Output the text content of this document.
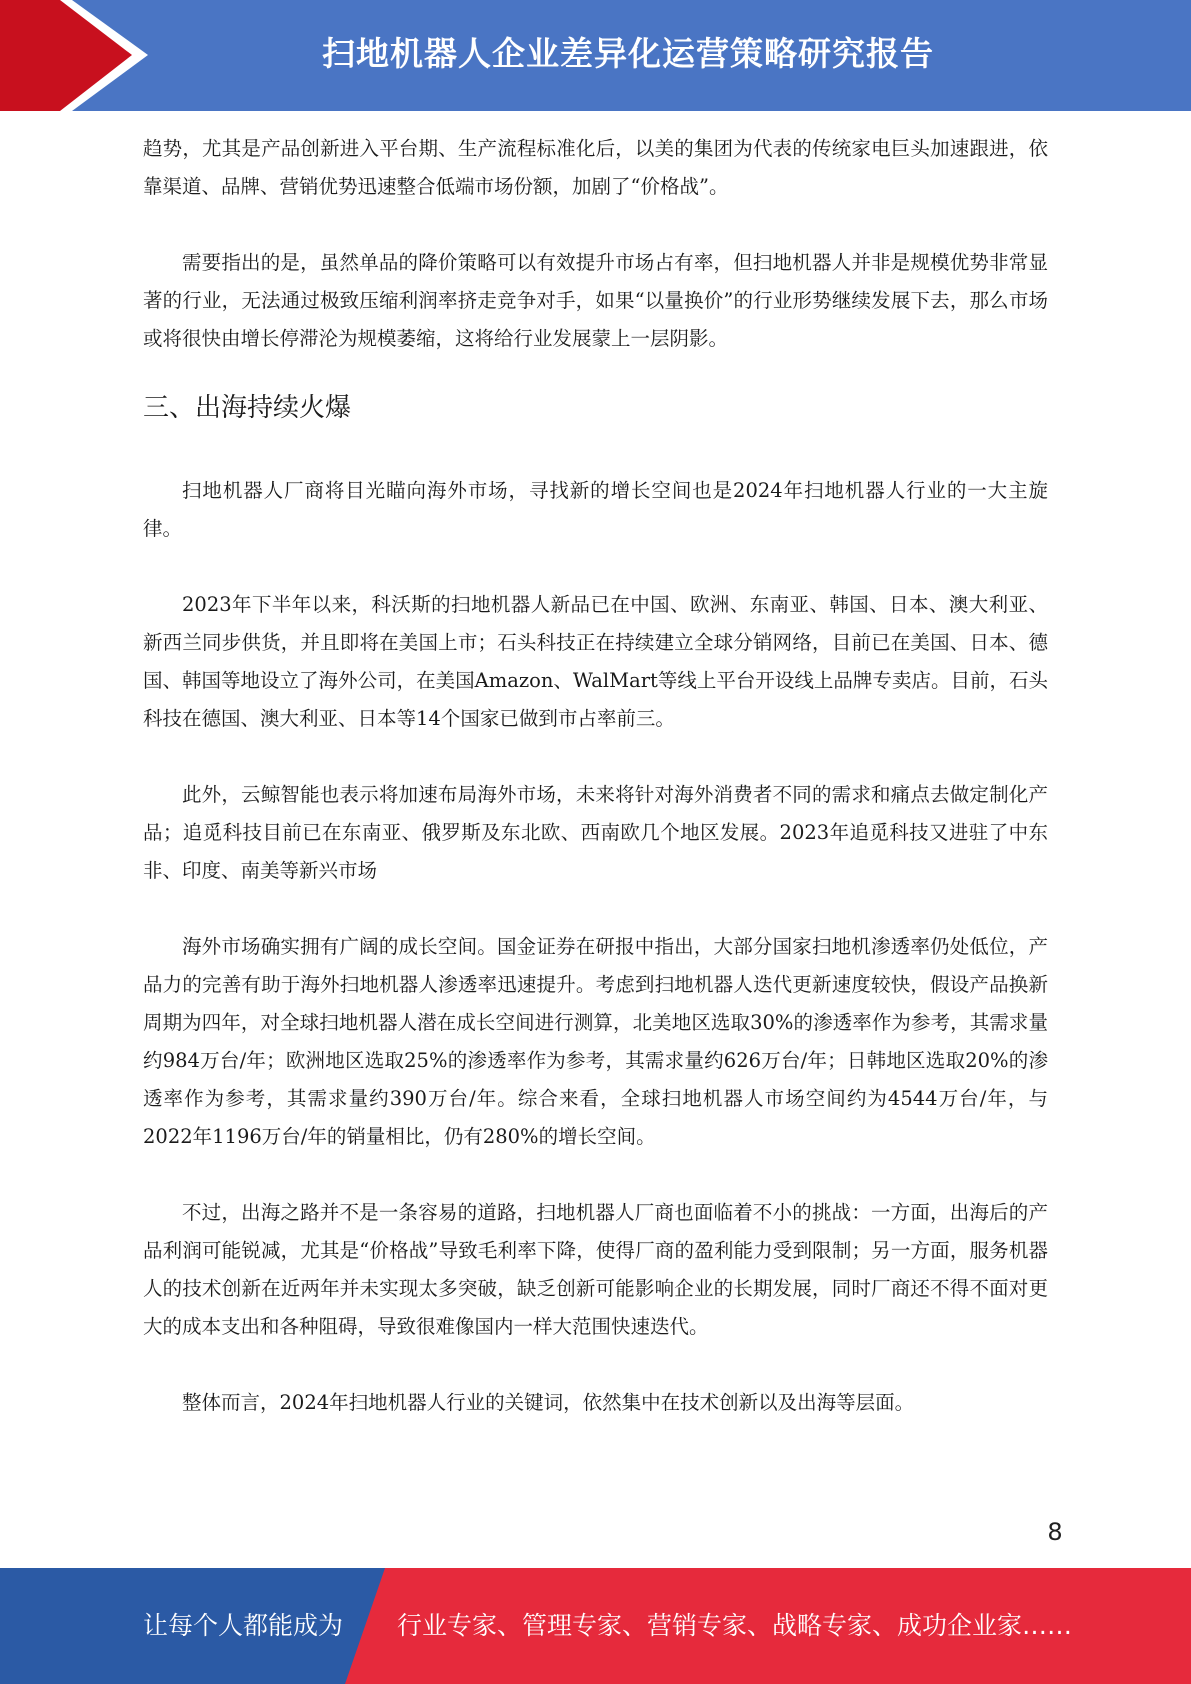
扫地机器人企业差异化运营策略研究报告

趋势，尤其是产品创新进入平台期、生产流程标准化后，以美的集团为代表的传统家电巨头加速跟进，依靠渠道、品牌、营销优势迅速整合低端市场份额，加剧了“价格战”。

需要指出的是，虽然单品的降价策略可以有效提升市场占有率，但扫地机器人并非是规模优势非常显著的行业，无法通过极致压缩利润率挤走竞争对手，如果“以量换价”的行业形势继续发展下去，那么市场或将很快由增长停滞沦为规模萎缩，这将给行业发展蒙上一层阴影。

三、出海持续火爆

扫地机器人厂商将目光瞄向海外市场，寻找新的增长空间也是2024年扫地机器人行业的一大主旋律。

2023年下半年以来，科沃斯的扫地机器人新品已在中国、欧洲、东南亚、韩国、日本、澳大利亚、新西兰同步供货，并且即将在美国上市；石头科技正在持续建立全球分销网络，目前已在美国、日本、德国、韩国等地设立了海外公司，在美国Amazon、WalMart等线上平台开设线上品牌专卖店。目前，石头科技在德国、澳大利亚、日本等14个国家已做到市占率前三。

此外，云鲸智能也表示将加速布局海外市场，未来将针对海外消费者不同的需求和痛点去做定制化产品；追觅科技目前已在东南亚、俄罗斯及东北欧、西南欧几个地区发展。2023年追觅科技又进驻了中东非、印度、南美等新兴市场

海外市场确实拥有广阔的成长空间。国金证券在研报中指出，大部分国家扫地机渗透率仍处低位，产品力的完善有助于海外扫地机器人渗透率迅速提升。考虑到扫地机器人迭代更新速度较快，假设产品换新周期为四年，对全球扫地机器人潜在成长空间进行测算，北美地区选取30%的渗透率作为参考，其需求量约984万台/年；欧洲地区选取25%的渗透率作为参考，其需求量约626万台/年；日韩地区选取20%的渗透率作为参考，其需求量约390万台/年。综合来看，全球扫地机器人市场空间约为4544万台/年，与2022年1196万台/年的销量相比，仍有280%的增长空间。

不过，出海之路并不是一条容易的道路，扫地机器人厂商也面临着不小的挑战：一方面，出海后的产品利润可能锐减，尤其是“价格战”导致毛利率下降，使得厂商的盈利能力受到限制；另一方面，服务机器人的技术创新在近两年并未实现太多突破，缺乏创新可能影响企业的长期发展，同时厂商还不得不面对更大的成本支出和各种阻碍，导致很难像国内一样大范围快速迭代。

整体而言，2024年扫地机器人行业的关键词，依然集中在技术创新以及出海等层面。

8
让每个人都能成为 行业专家、管理专家、营销专家、战略专家、成功企业家……
